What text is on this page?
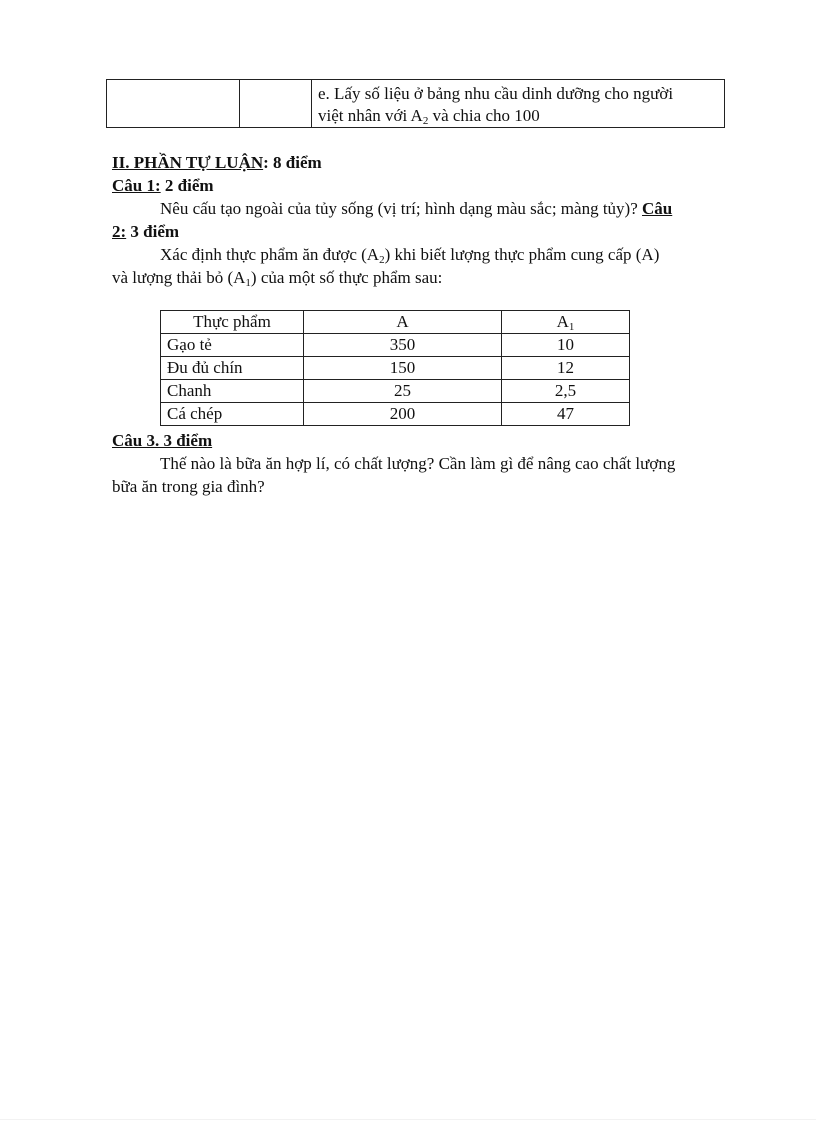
e. Lấy số liệu ở bảng nhu cầu dinh dưỡng cho người
việt nhân với $A_2$ và chia cho 100
II. PHẦN TỰ LUẬN: 8 điểm
Câu 1: 2 điểm
Nêu cấu tạo ngoài của tủy sống (vị trí; hình dạng màu sắc; màng tủy)? Câu
2: 3 điểm
Xác định thực phẩm ăn được $(A_2)$ khi biết lượng thực phẩm cung cấp (A)
và lượng thải bỏ $(A_1)$ của một số thực phẩm sau:
Thực phẩm	A	$A_1$
Gạo tẻ	350	10
Đu đủ chín	150	12
Chanh	25	2,5
Cá chép	200	47
Câu 3. 3 điểm
Thế nào là bữa ăn hợp lí, có chất lượng? Cần làm gì để nâng cao chất lượng
bữa ăn trong gia đình?
